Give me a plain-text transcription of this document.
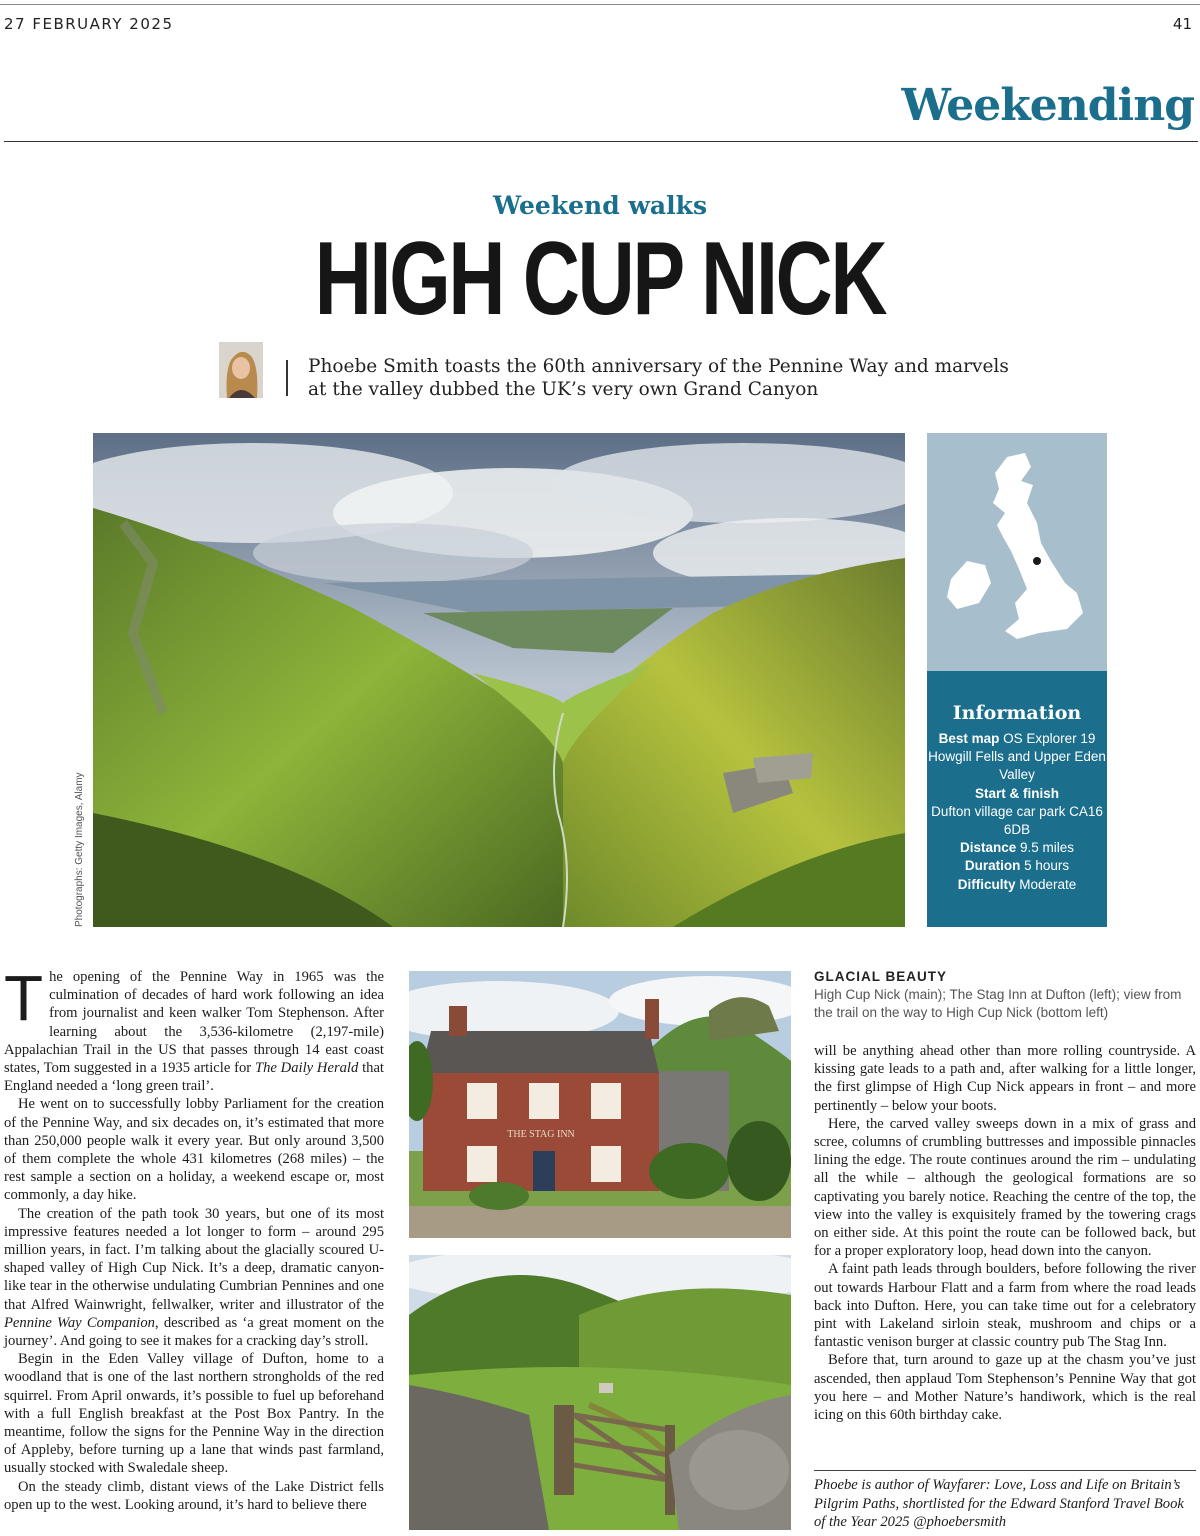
27 FEBRUARY 2025	41
Weekending
Weekend walks
HIGH CUP NICK
Phoebe Smith toasts the 60th anniversary of the Pennine Way and marvels at the valley dubbed the UK’s very own Grand Canyon
Photographs: Getty Images, Alamy
Information
Best map OS Explorer 19 Howgill Fells and Upper Eden Valley
Start & finish
Dufton village car park CA16 6DB
Distance 9.5 miles
Duration 5 hours
Difficulty Moderate

The opening of the Pennine Way in 1965 was the culmination of decades of hard work following an idea from journalist and keen walker Tom Stephenson. After learning about the 3,536-kilometre (2,197-mile) Appalachian Trail in the US that passes through 14 east coast states, Tom suggested in a 1935 article for The Daily Herald that England needed a ‘long green trail’.

He went on to successfully lobby Parliament for the creation of the Pennine Way, and six decades on, it’s estimated that more than 250,000 people walk it every year. But only around 3,500 of them complete the whole 431 kilometres (268 miles) – the rest sample a section on a holiday, a weekend escape or, most commonly, a day hike.

The creation of the path took 30 years, but one of its most impressive features needed a lot longer to form – around 295 million years, in fact. I’m talking about the glacially scoured U-shaped valley of High Cup Nick. It’s a deep, dramatic canyon-like tear in the otherwise undulating Cumbrian Pennines and one that Alfred Wainwright, fellwalker, writer and illustrator of the Pennine Way Companion, described as ‘a great moment on the journey’. And going to see it makes for a cracking day’s stroll.

Begin in the Eden Valley village of Dufton, home to a woodland that is one of the last northern strongholds of the red squirrel. From April onwards, it’s possible to fuel up beforehand with a full English breakfast at the Post Box Pantry. In the meantime, follow the signs for the Pennine Way in the direction of Appleby, before turning up a lane that winds past farmland, usually stocked with Swaledale sheep.

On the steady climb, distant views of the Lake District fells open up to the west. Looking around, it’s hard to believe there

THE STAG INN
GLACIAL BEAUTY
High Cup Nick (main); The Stag Inn at Dufton (left); view from the trail on the way to High Cup Nick (bottom left)

will be anything ahead other than more rolling countryside. A kissing gate leads to a path and, after walking for a little longer, the first glimpse of High Cup Nick appears in front – and more pertinently – below your boots.

Here, the carved valley sweeps down in a mix of grass and scree, columns of crumbling buttresses and impossible pinnacles lining the edge. The route continues around the rim – undulating all the while – although the geological formations are so captivating you barely notice. Reaching the centre of the top, the view into the valley is exquisitely framed by the towering crags on either side. At this point the route can be followed back, but for a proper exploratory loop, head down into the canyon.

A faint path leads through boulders, before following the river out towards Harbour Flatt and a farm from where the road leads back into Dufton. Here, you can take time out for a celebratory pint with Lakeland sirloin steak, mushroom and chips or a fantastic venison burger at classic country pub The Stag Inn.

Before that, turn around to gaze up at the chasm you’ve just ascended, then applaud Tom Stephenson’s Pennine Way that got you here – and Mother Nature’s handiwork, which is the real icing on this 60th birthday cake.

Phoebe is author of Wayfarer: Love, Loss and Life on Britain’s Pilgrim Paths, shortlisted for the Edward Stanford Travel Book of the Year 2025 @phoebersmith
